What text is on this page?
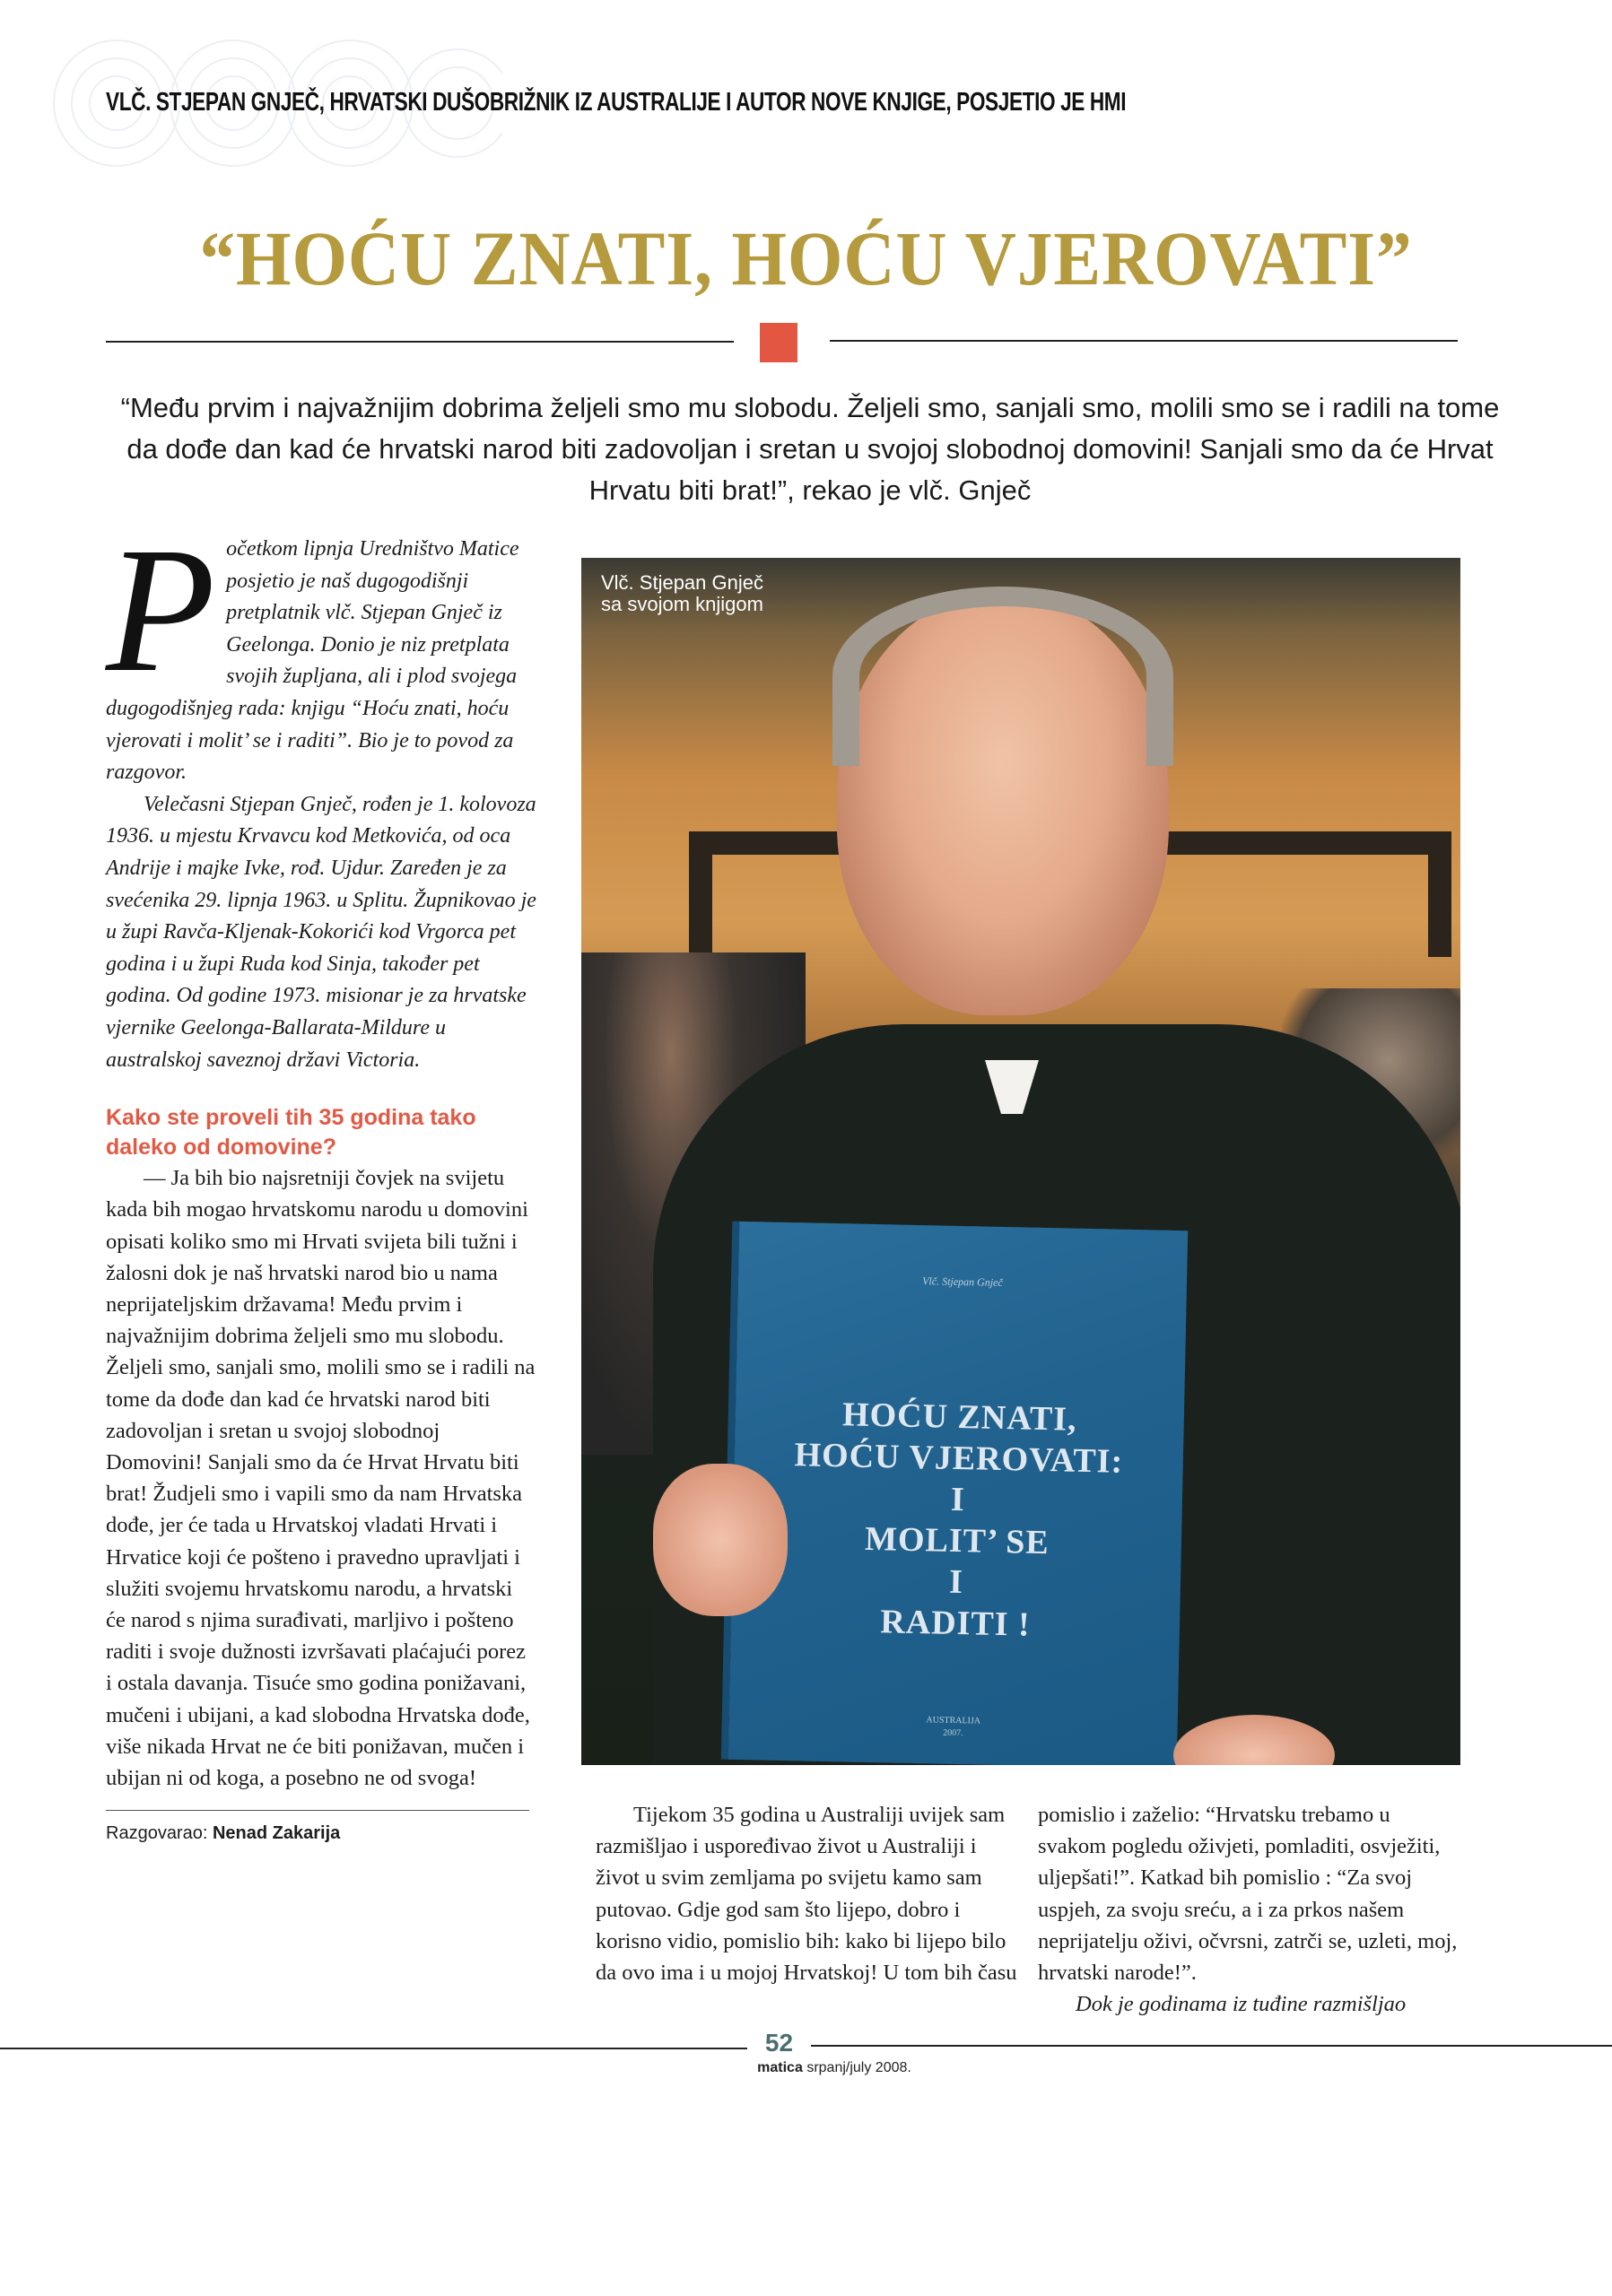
VLČ. STJEPAN GNJEČ, HRVATSKI DUŠOBRIŽNIK IZ AUSTRALIJE I AUTOR NOVE KNJIGE, POSJETIO JE HMI
“HOĆU ZNATI, HOĆU VJEROVATI”

“Među prvim i najvažnijim dobrima željeli smo mu slobodu. Željeli smo, sanjali smo, molili smo se i radili na tome da dođe dan kad će hrvatski narod biti zadovoljan i sretan u svojoj slobodnoj domovini! Sanjali smo da će Hrvat Hrvatu biti brat!”, rekao je vlč. Gnječ

P očetkom lipnja Uredništvo Matice posjetio je naš dugogodišnji pretplatnik vlč. Stjepan Gnječ iz Geelonga. Donio je niz pretplata svojih župljana, ali i plod svojega dugogodišnjeg rada: knjigu “Hoću znati, hoću vjerovati i molit’ se i raditi”. Bio je to povod za razgovor.

Velečasni Stjepan Gnječ, rođen je 1. kolovoza 1936. u mjestu Krvavcu kod Metkovića, od oca Andrije i majke Ivke, rođ. Ujdur. Zaređen je za svećenika 29. lipnja 1963. u Splitu. Župnikovao je u župi Ravča-Kljenak-Kokorići kod Vrgorca pet godina i u župi Ruda kod Sinja, također pet godina. Od godine 1973. misionar je za hrvatske vjernike Geelonga-Ballarata-Mildure u australskoj saveznoj državi Victoria.

Kako ste proveli tih 35 godina tako daleko od domovine?

— Ja bih bio najsretniji čovjek na svijetu kada bih mogao hrvatskomu narodu u domovini opisati koliko smo mi Hrvati svijeta bili tužni i žalosni dok je naš hrvatski narod bio u nama neprijateljskim državama! Među prvim i najvažnijim dobrima željeli smo mu slobodu. Željeli smo, sanjali smo, molili smo se i radili na tome da dođe dan kad će hrvatski narod biti zadovoljan i sretan u svojoj slobodnoj Domovini! Sanjali smo da će Hrvat Hrvatu biti brat! Žudjeli smo i vapili smo da nam Hrvatska dođe, jer će tada u Hrvatskoj vladati Hrvati i Hrvatice koji će pošteno i pravedno upravljati i služiti svojemu hrvatskomu narodu, a hrvatski će narod s njima surađivati, marljivo i pošteno raditi i svoje dužnosti izvršavati plaćajući porez i ostala davanja. Tisuće smo godina ponižavani, mučeni i ubijani, a kad slobodna Hrvatska dođe, više nikada Hrvat ne će biti ponižavan, mučen i ubijan ni od koga, a posebno ne od svoga!

Razgovarao: Nenad Zakarija
Vlč. Stjepan Gnječ
HOĆU ZNATI,
HOĆU VJEROVATI:
I
MOLIT’ SE
I
RADITI !
AUSTRALIJA
2007.
Vlč. Stjepan Gnječ
sa svojom knjigom

Tijekom 35 godina u Australiji uvijek sam razmišljao i uspoređivao život u Australiji i život u svim zemljama po svijetu kamo sam putovao. Gdje god sam što lijepo, dobro i korisno vidio, pomislio bih: kako bi lijepo bilo da ovo ima i u mojoj Hrvatskoj! U tom bih času

pomislio i zaželio: “Hrvatsku trebamo u svakom pogledu oživjeti, pomladiti, osvježiti, uljepšati!”. Katkad bih pomislio : “Za svoj uspjeh, za svoju sreću, a i za prkos našem neprijatelju oživi, očvrsni, zatrči se, uzleti, moj, hrvatski narode!”.

Dok je godinama iz tuđine razmišljao

52
matica srpanj/july 2008.
